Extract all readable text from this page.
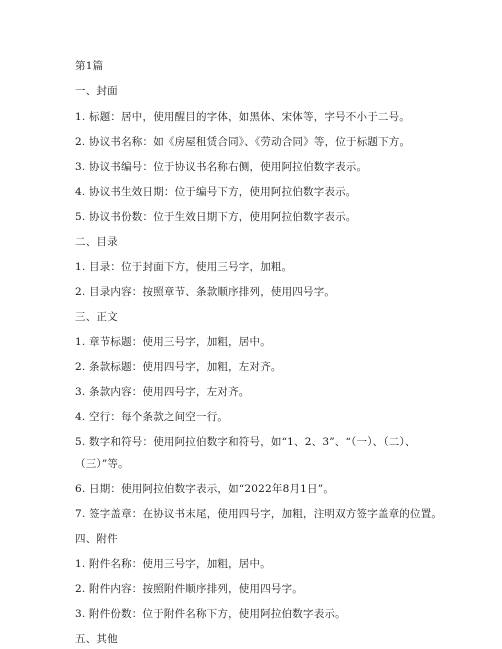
第1篇
一、封面
1. 标题：居中，使用醒目的字体，如黑体、宋体等，字号不小于二号。
2. 协议书名称：如《房屋租赁合同》、《劳动合同》等，位于标题下方。
3. 协议书编号：位于协议书名称右侧，使用阿拉伯数字表示。
4. 协议书生效日期：位于编号下方，使用阿拉伯数字表示。
5. 协议书份数：位于生效日期下方，使用阿拉伯数字表示。
二、目录
1. 目录：位于封面下方，使用三号字，加粗。
2. 目录内容：按照章节、条款顺序排列，使用四号字。
三、正文
1. 章节标题：使用三号字，加粗，居中。
2. 条款标题：使用四号字，加粗，左对齐。
3. 条款内容：使用四号字，左对齐。
4. 空行：每个条款之间空一行。
5. 数字和符号：使用阿拉伯数字和符号，如“1、2、3”、“（一）、（二）、（三）”等。
6. 日期：使用阿拉伯数字表示，如“2022年8月1日”。
7. 签字盖章：在协议书末尾，使用四号字，加粗，注明双方签字盖章的位置。
四、附件
1. 附件名称：使用三号字，加粗，居中。
2. 附件内容：按照附件顺序排列，使用四号字。
3. 附件份数：位于附件名称下方，使用阿拉伯数字表示。
五、其他
